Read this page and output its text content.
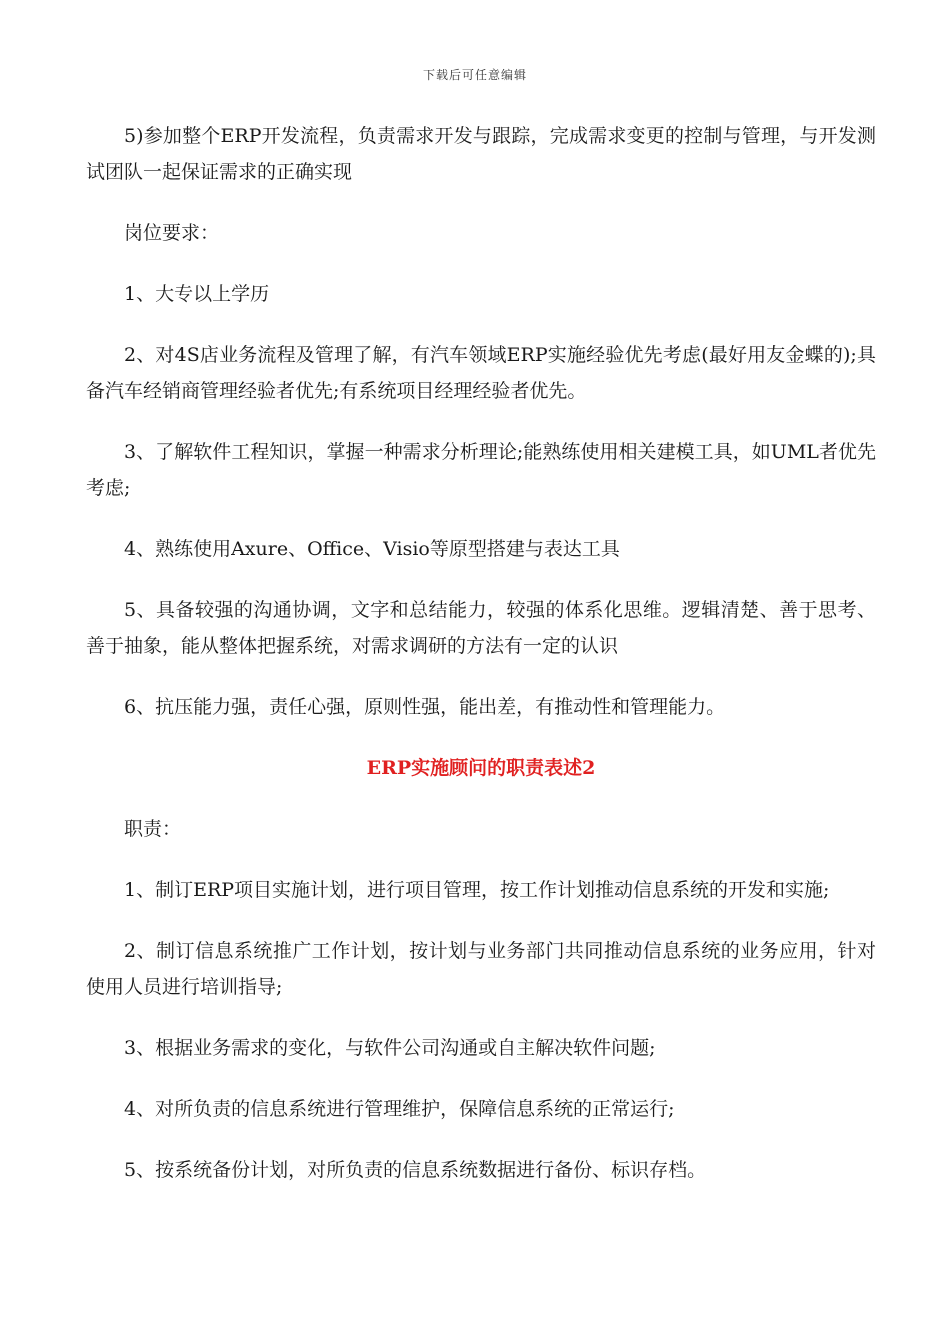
下载后可任意编辑

5)参加整个ERP开发流程，负责需求开发与跟踪，完成需求变更的控制与管理，与开发测试团队一起保证需求的正确实现

岗位要求：

1、大专以上学历

2、对4S店业务流程及管理了解，有汽车领域ERP实施经验优先考虑(最好用友金蝶的);具备汽车经销商管理经验者优先;有系统项目经理经验者优先。

3、了解软件工程知识，掌握一种需求分析理论;能熟练使用相关建模工具，如UML者优先考虑;

4、熟练使用Axure、Office、Visio等原型搭建与表达工具

5、具备较强的沟通协调，文字和总结能力，较强的体系化思维。逻辑清楚、善于思考、善于抽象，能从整体把握系统，对需求调研的方法有一定的认识

6、抗压能力强，责任心强，原则性强，能出差，有推动性和管理能力。

ERP实施顾问的职责表述2

职责：

1、制订ERP项目实施计划，进行项目管理，按工作计划推动信息系统的开发和实施;

2、制订信息系统推广工作计划，按计划与业务部门共同推动信息系统的业务应用，针对使用人员进行培训指导;

3、根据业务需求的变化，与软件公司沟通或自主解决软件问题;

4、对所负责的信息系统进行管理维护，保障信息系统的正常运行;

5、按系统备份计划，对所负责的信息系统数据进行备份、标识存档。
